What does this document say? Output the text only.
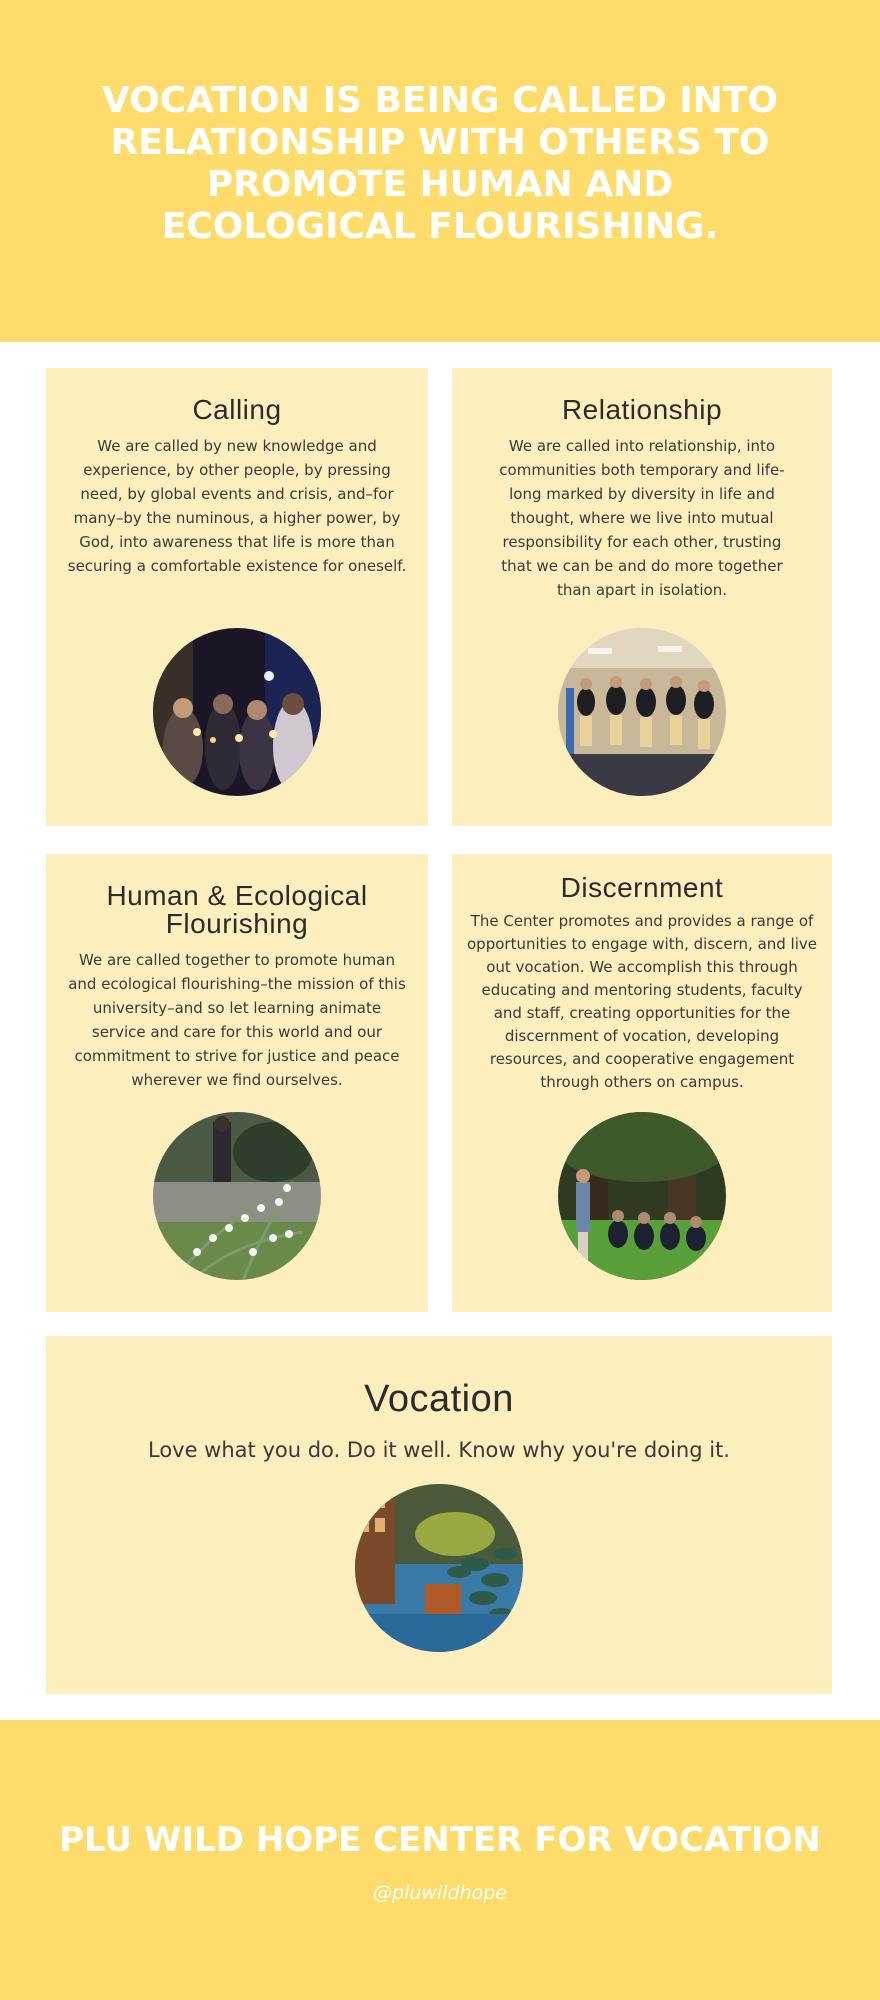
VOCATION IS BEING CALLED INTO RELATIONSHIP WITH OTHERS TO PROMOTE HUMAN AND ECOLOGICAL FLOURISHING.
Calling

We are called by new knowledge and experience, by other people, by pressing need, by global events and crisis, and–for many–by the numinous, a higher power, by God, into awareness that life is more than securing a comfortable existence for oneself.

Relationship

We are called into relationship, into communities both temporary and life-long marked by diversity in life and thought, where we live into mutual responsibility for each other, trusting that we can be and do more together than apart in isolation.

Human & Ecological Flourishing

We are called together to promote human and ecological flourishing–the mission of this university–and so let learning animate service and care for this world and our commitment to strive for justice and peace wherever we find ourselves.

Discernment

The Center promotes and provides a range of opportunities to engage with, discern, and live out vocation. We accomplish this through educating and mentoring students, faculty and staff, creating opportunities for the discernment of vocation, developing resources, and cooperative engagement through others on campus.

Vocation

Love what you do. Do it well. Know why you're doing it.

PLU WILD HOPE CENTER FOR VOCATION
@pluwildhope
